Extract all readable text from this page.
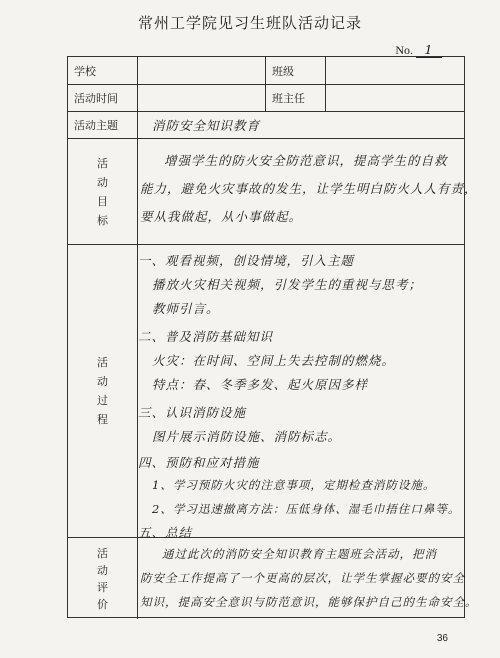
常州工学院见习生班队活动记录
No. 1
学校	班级
活动时间	班主任
活动主题	消防安全知识教育
活
动
目
标
增强学生的防火安全防范意识，提高学生的自救
能力，避免火灾事故的发生，让学生明白防火人人有责，
要从我做起，从小事做起。
活
动
过
程
一、观看视频，创设情境，引入主题
播放火灾相关视频，引发学生的重视与思考；
教师引言。
二、普及消防基础知识
火灾：在时间、空间上失去控制的燃烧。
特点：春、冬季多发、起火原因多样
三、认识消防设施
图片展示消防设施、消防标志。
四、预防和应对措施
1、学习预防火灾的注意事项，定期检查消防设施。
2、学习迅速撤离方法：压低身体、湿毛巾捂住口鼻等。
五、总结
活
动
评
价
通过此次的消防安全知识教育主题班会活动，把消
防安全工作提高了一个更高的层次，让学生掌握必要的安全
知识，提高安全意识与防范意识，能够保护自己的生命安全。
36
